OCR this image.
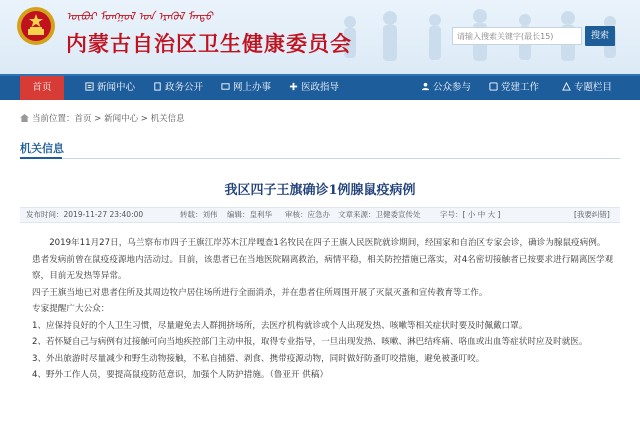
ᠥᠪᠦᠷ ᠮᠣᠩᠭᠣᠯ ᠤᠨ ᠡᠷᠡᠭᠦᠯ ᠮᠡᠨᠳᠦ
内蒙古自治区卫生健康委员会	请输入搜索关键字(最长15)	搜索
首页	新闻中心	政务公开	网上办事	医政指导	公众参与	党建工作	专题栏目
当前位置：首页 > 新闻中心 > 机关信息
机关信息
我区四子王旗确诊1例腺鼠疫病例
发布时间：2019-11-27 23:40:00	转载：刘伟 编辑：皇利华 审核：应急办 文章来源：卫健委宣传处	字号：[ 小 中 大 ]	[我要纠错]

2019年11月27日，乌兰察布市四子王旗江岸苏木江岸嘎查1名牧民在四子王旗人民医院就诊期间，经国家和自治区专家会诊，确诊为腺鼠疫病例。患者发病前曾在鼠疫疫源地内活动过。目前，该患者已在当地医院隔离救治，病情平稳，相关防控措施已落实，对4名密切接触者已按要求进行隔离医学观察，目前无发热等异常。

四子王旗当地已对患者住所及其周边牧户居住场所进行全面消杀，并在患者住所周围开展了灭鼠灭蚤和宣传教育等工作。

专家提醒广大公众：

1、应保持良好的个人卫生习惯，尽量避免去人群拥挤场所，去医疗机构就诊或个人出现发热、咳嗽等相关症状时要及时佩戴口罩。

2、若怀疑自己与病例有过接触可向当地疾控部门主动申报，取得专业指导，一旦出现发热、咳嗽、淋巴结疼痛、咯血或出血等症状时应及时就医。

3、外出旅游时尽量减少和野生动物接触，不私自捕猎、剥食、携带疫源动物，同时做好防蚤叮咬措施，避免被蚤叮咬。

4、野外工作人员，要提高鼠疫防范意识，加强个人防护措施。（鲁亚开 供稿）
